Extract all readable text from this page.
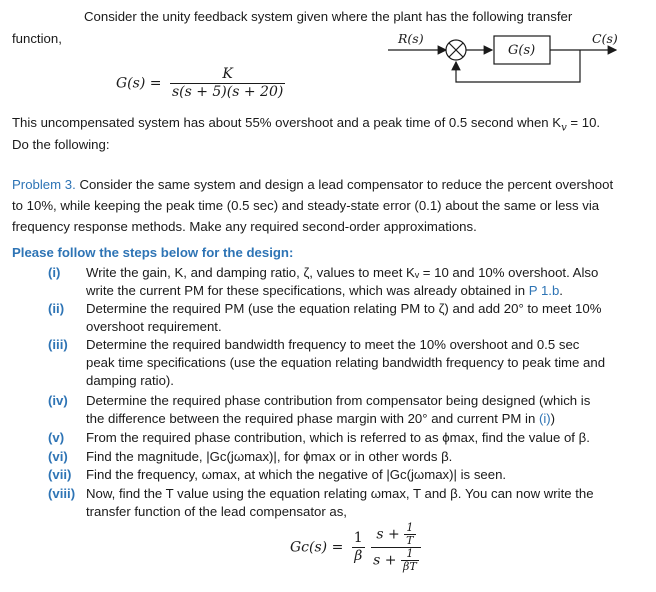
Consider the unity feedback system given where the plant has the following transfer
function,	R(s)	C(s)
G(s)
$G(s) = \frac{K}{s(s + 5)(s + 20)}$
This uncompensated system has about 55% overshoot and a peak time of 0.5 second when $K_v = 10$.
Do the following:
Problem 3. Consider the same system and design a lead compensator to reduce the percent overshoot
to 10%, while keeping the peak time (0.5 sec) and steady-state error (0.1) about the same or less via
frequency response methods. Make any required second-order approximations.
Please follow the steps below for the design:
(i)	Write the gain, K, and damping ratio, ζ, values to meet Kᵥ = 10 and 10% overshoot. Also
write the current PM for these specifications, which was already obtained in P 1.b.
(ii)	Determine the required PM (use the equation relating PM to ζ) and add 20° to meet 10%
overshoot requirement.
(iii)	Determine the required bandwidth frequency to meet the 10% overshoot and 0.5 sec
peak time specifications (use the equation relating bandwidth frequency to peak time and
damping ratio).
(iv)	Determine the required phase contribution from compensator being designed (which is
the difference between the required phase margin with 20° and current PM in (i))
(v)	From the required phase contribution, which is referred to as ϕmax, find the value of β.
(vi)	Find the magnitude, |Gc(jωmax)|, for ϕmax or in other words β.
(vii)	Find the frequency, ωmax, at which the negative of |Gc(jωmax)| is seen.
(viii) Now, find the T value using the equation relating ωmax, T and β. You can now write the
transfer function of the lead compensator as,
$Gc(s) = \frac{1}{\beta}$
$\frac{s + \frac{1}{T}}{s + \frac{1}{\beta T}}$
